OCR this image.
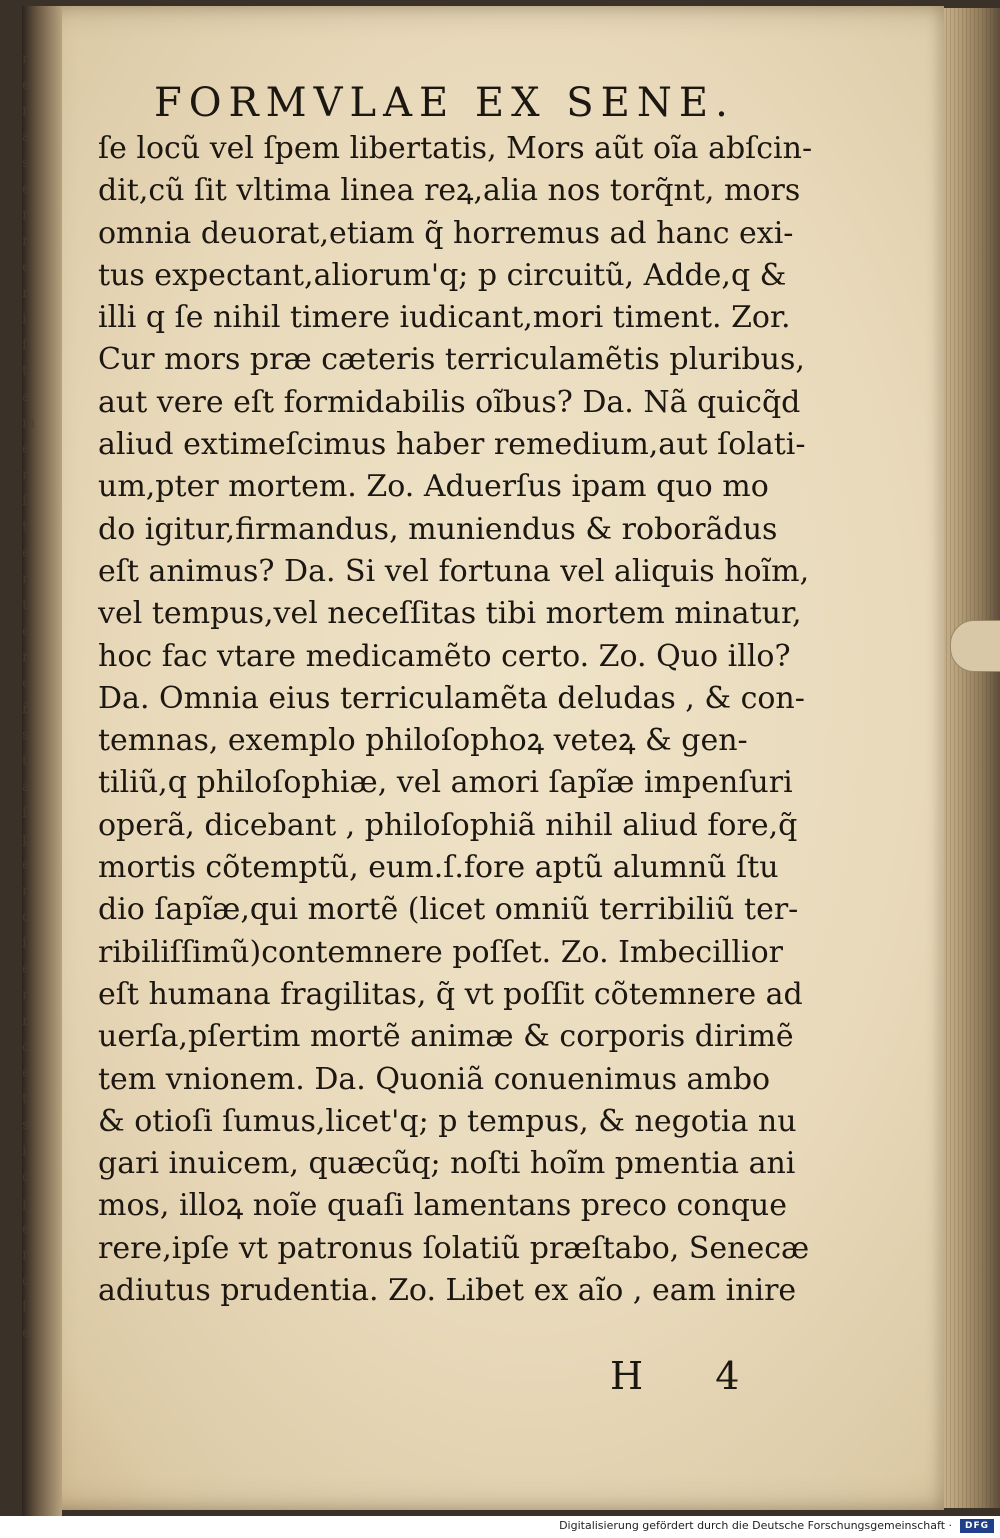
n
e
r
a
s
e
r
r
e
r
i
ſ
t
a
m
e
n
ſ
t
e
r
t
e
r
e
ñ
s
t
a
ſ
p
e
r
o
ſ
e
r
n
c
e
t
s
i
o
p
e
r
o
ſ
e
FORMVLAE EX SENE.
ſe locũ vel ſpem libertatis, Mors aũt oĩa abſcin-
dit,cũ ſit vltima linea reꝝ,alia nos torq̃nt, mors
omnia deuorat,etiam q̃ horremus ad hanc exi-
tus expectant,aliorum'q; p circuitũ, Adde,q &
illi q ſe nihil timere iudicant,mori timent. Zor.
Cur mors præ cæteris terriculamẽtis pluribus,
aut vere eſt formidabilis oĩbus? Da. Nã quicq̃d
aliud extimeſcimus haber remedium,aut ſolati-
um,pter mortem. Zo. Aduerſus ipam quo mo
do igitur,firmandus, muniendus & roborãdus
eſt animus? Da. Si vel fortuna vel aliquis hoĩm,
vel tempus,vel neceſſitas tibi mortem minatur,
hoc fac vtare medicamẽto certo. Zo. Quo illo?
Da. Omnia eius terriculamẽta deludas , & con-
temnas, exemplo philoſophoꝝ veteꝝ & gen-
tiliũ,q philoſophiæ, vel amori ſapĩæ impenſuri
operã, dicebant , philoſophiã nihil aliud fore,q̃
mortis cõtemptũ, eum.ſ.fore aptũ alumnũ ſtu
dio ſapĩæ,qui mortẽ (licet omniũ terribiliũ ter-
ribiliſſimũ)contemnere poſſet. Zo. Imbecillior
eſt humana fragilitas, q̃ vt poſſit cõtemnere ad
uerſa,pſertim mortẽ animæ & corporis dirimẽ
tem vnionem. Da. Quoniã conuenimus ambo
& otioſi ſumus,licet'q; p tempus, & negotia nu
gari inuicem, quæcũq; noſti hoĩm pmentia ani
mos, illoꝝ noĩe quaſi lamentans preco conque
rere,ipſe vt patronus ſolatiũ præſtabo, Senecæ
adiutus prudentia. Zo. Libet ex aĩo , eam inire
H 4
Digitalisierung gefördert durch die Deutsche Forschungsgemeinschaft ·	DFG
